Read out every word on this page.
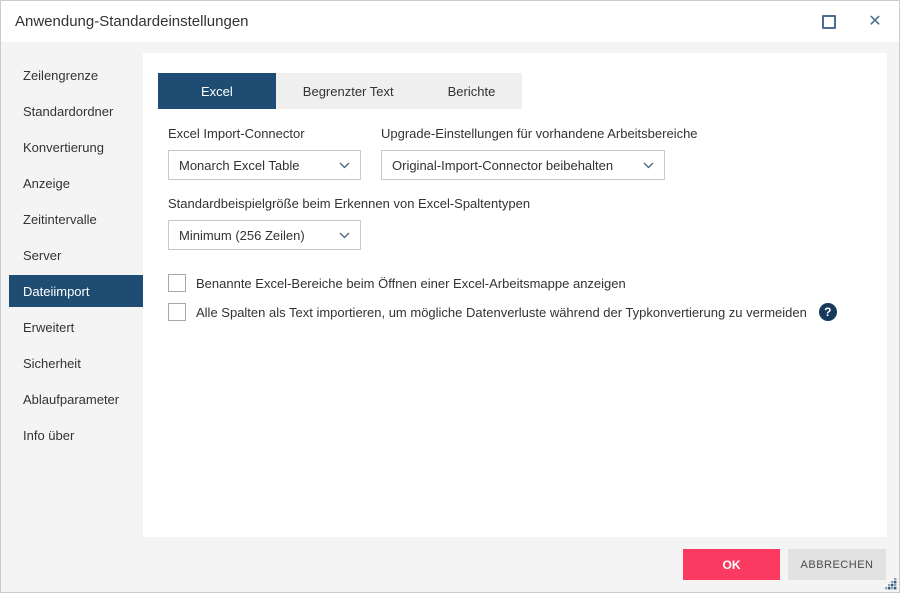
Anwendung-Standardeinstellungen	✕
Zeilengrenze
Standardordner
Konvertierung
Anzeige
Zeitintervalle
Server
Dateiimport
Erweitert
Sicherheit
Ablaufparameter
Info über
Excel	Begrenzter Text	Berichte
Excel Import-Connector
Monarch Excel Table
Upgrade-Einstellungen für vorhandene Arbeitsbereiche
Original-Import-Connector beibehalten
Standardbeispielgröße beim Erkennen von Excel-Spaltentypen
Minimum (256 Zeilen)
Benannte Excel-Bereiche beim Öffnen einer Excel-Arbeitsmappe anzeigen
Alle Spalten als Text importieren, um mögliche Datenverluste während der Typkonvertierung zu vermeiden	?
OK	ABBRECHEN
